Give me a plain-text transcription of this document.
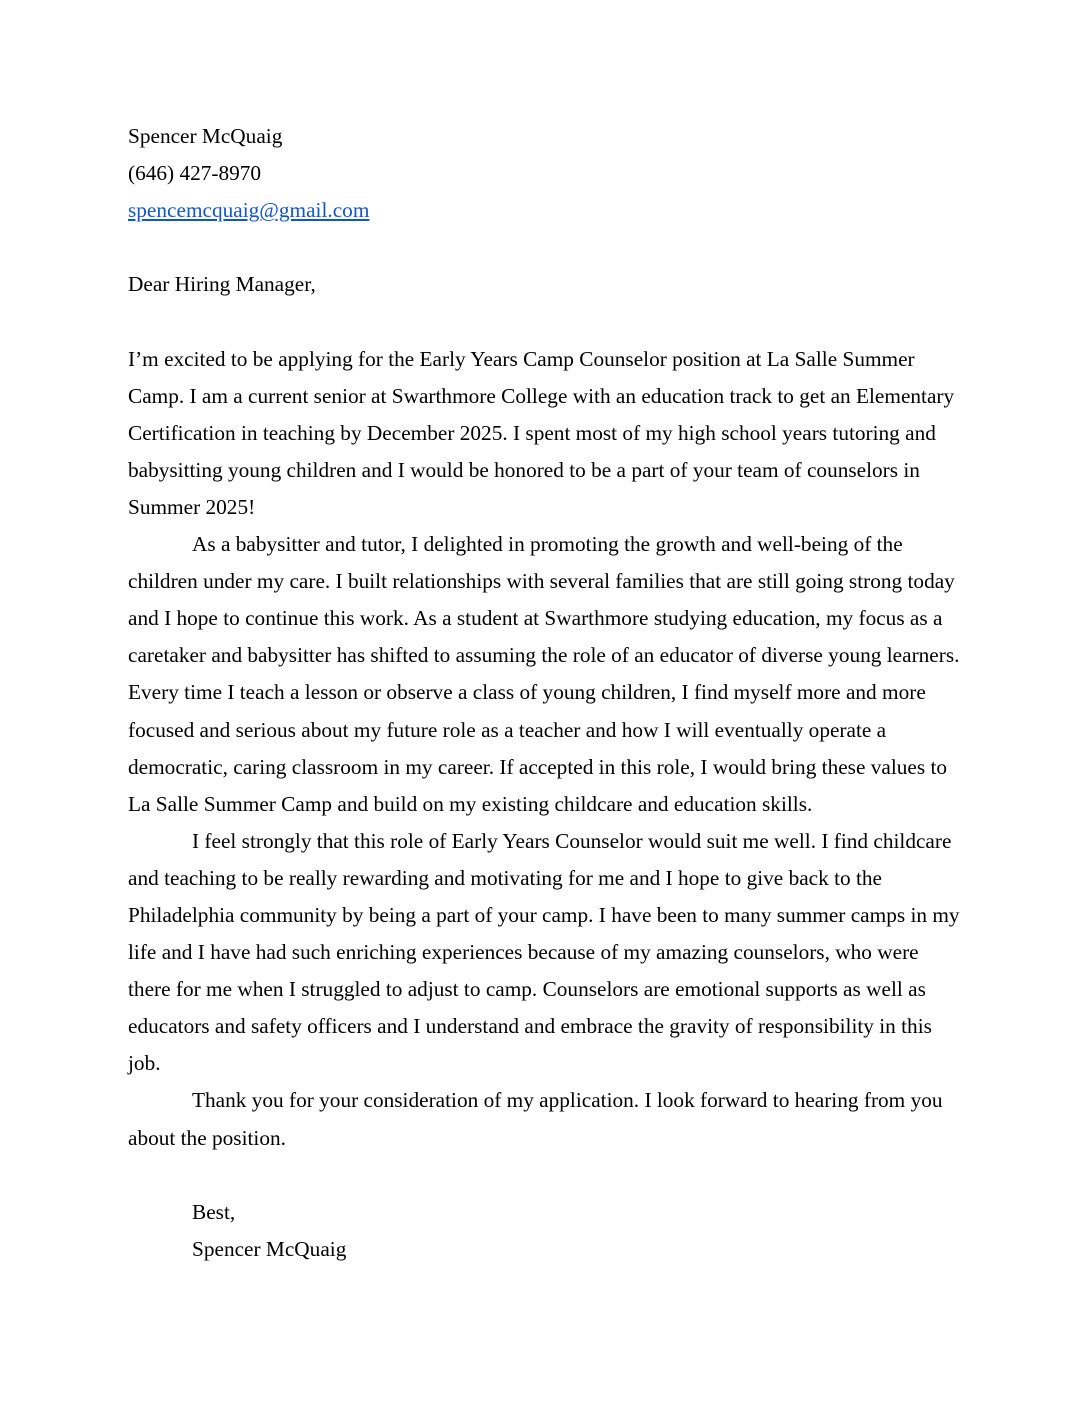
Spencer McQuaig

(646) 427-8970

spencemcquaig@gmail.com

Dear Hiring Manager,

I’m excited to be applying for the Early Years Camp Counselor position at La Salle Summer Camp. I am a current senior at Swarthmore College with an education track to get an Elementary Certification in teaching by December 2025. I spent most of my high school years tutoring and babysitting young children and I would be honored to be a part of your team of counselors in Summer 2025!

As a babysitter and tutor, I delighted in promoting the growth and well-being of the children under my care. I built relationships with several families that are still going strong today and I hope to continue this work. As a student at Swarthmore studying education, my focus as a caretaker and babysitter has shifted to assuming the role of an educator of diverse young learners. Every time I teach a lesson or observe a class of young children, I find myself more and more focused and serious about my future role as a teacher and how I will eventually operate a democratic, caring classroom in my career. If accepted in this role, I would bring these values to La Salle Summer Camp and build on my existing childcare and education skills.

I feel strongly that this role of Early Years Counselor would suit me well. I find childcare and teaching to be really rewarding and motivating for me and I hope to give back to the Philadelphia community by being a part of your camp. I have been to many summer camps in my life and I have had such enriching experiences because of my amazing counselors, who were there for me when I struggled to adjust to camp. Counselors are emotional supports as well as educators and safety officers and I understand and embrace the gravity of responsibility in this job.

Thank you for your consideration of my application. I look forward to hearing from you about the position.

Best,

Spencer McQuaig
